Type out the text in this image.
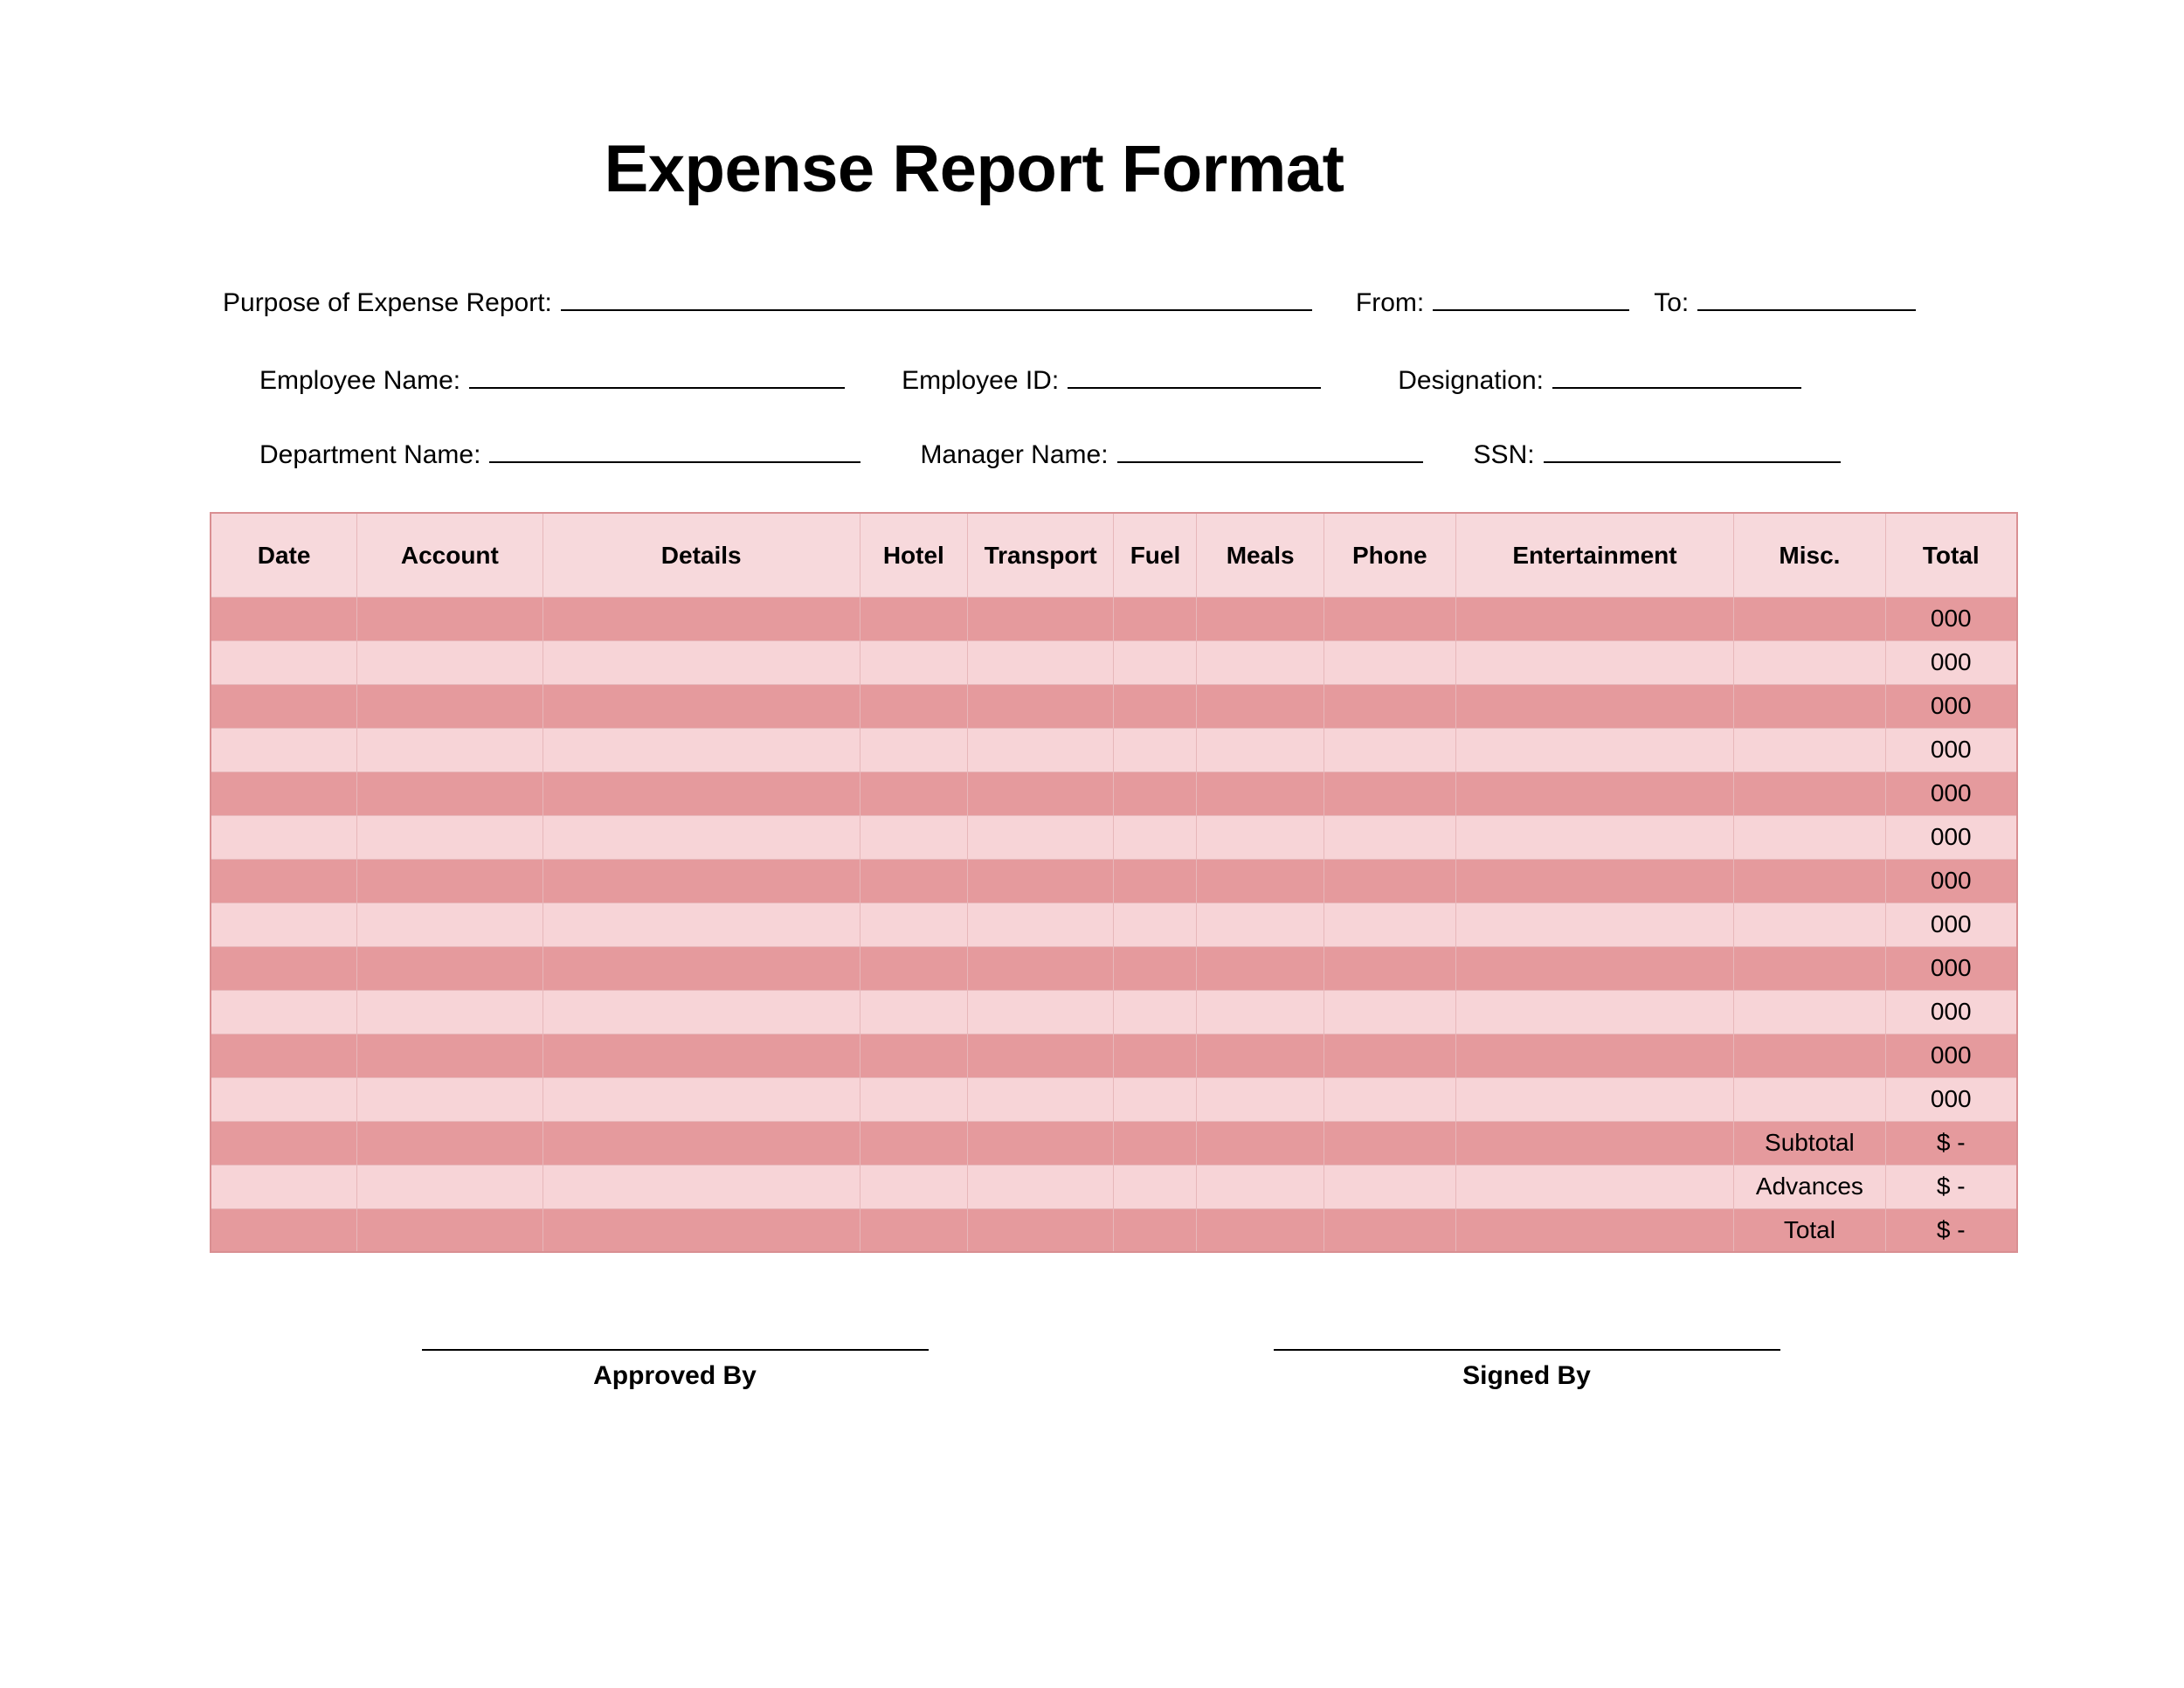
Expense Report Format
Purpose of Expense Report:	From:	To:
Employee Name:	Employee ID:	Designation:
Department Name:	Manager Name:	SSN:
Date	Account	Details	Hotel	Transport	Fuel	Meals	Phone	Entertainment	Misc.	Total
										000
										000
										000
										000
										000
										000
										000
										000
										000
										000
										000
										000
									Subtotal	$ -
									Advances	$ -
									Total	$ -
Approved By	Signed By
